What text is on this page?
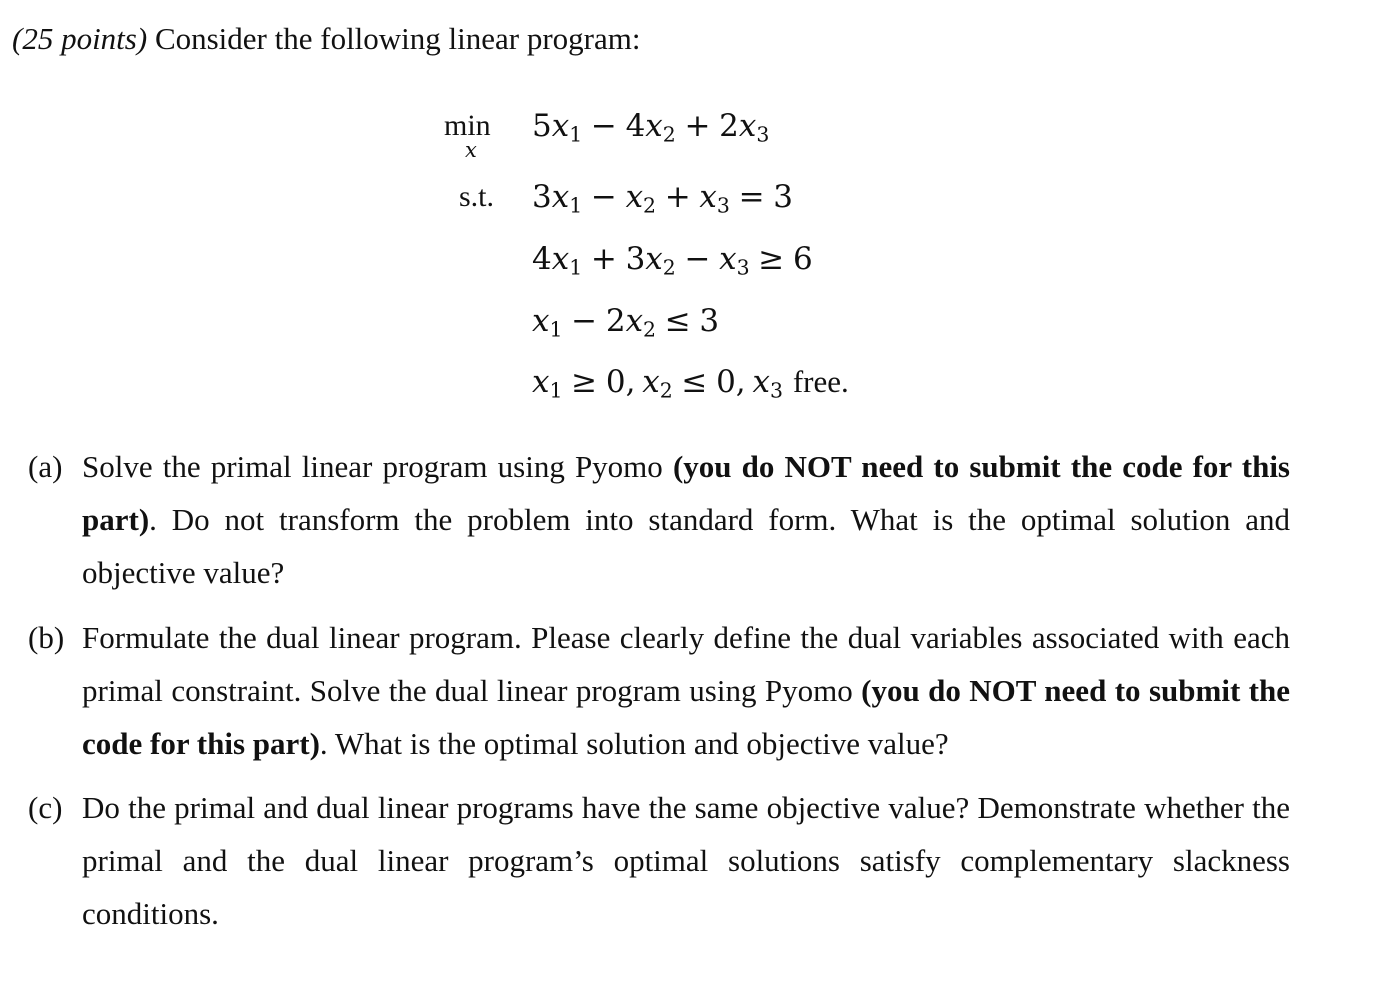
(25 points) Consider the following linear program:
min
x
$5x_1 - 4x_2 + 2x_3$
s.t. $3x_1 - x_2 + x_3 = 3$
$4x_1 + 3x_2 - x_3 \ge 6$
$x_1 - 2x_2 \le 3$
$x_1 \ge 0$, $x_2 \le 0$, $x_3$ free.
(a) Solve the primal linear program using Pyomo (you do NOT need to submit the code for this part). Do not transform the problem into standard form. What is the optimal solution and objective value?
(b) Formulate the dual linear program. Please clearly define the dual variables associated with each primal constraint. Solve the dual linear program using Pyomo (you do NOT need to submit the code for this part). What is the optimal solution and objective value?
(c) Do the primal and dual linear programs have the same objective value? Demonstrate whether the primal and the dual linear program’s optimal solutions satisfy complementary slackness conditions.
